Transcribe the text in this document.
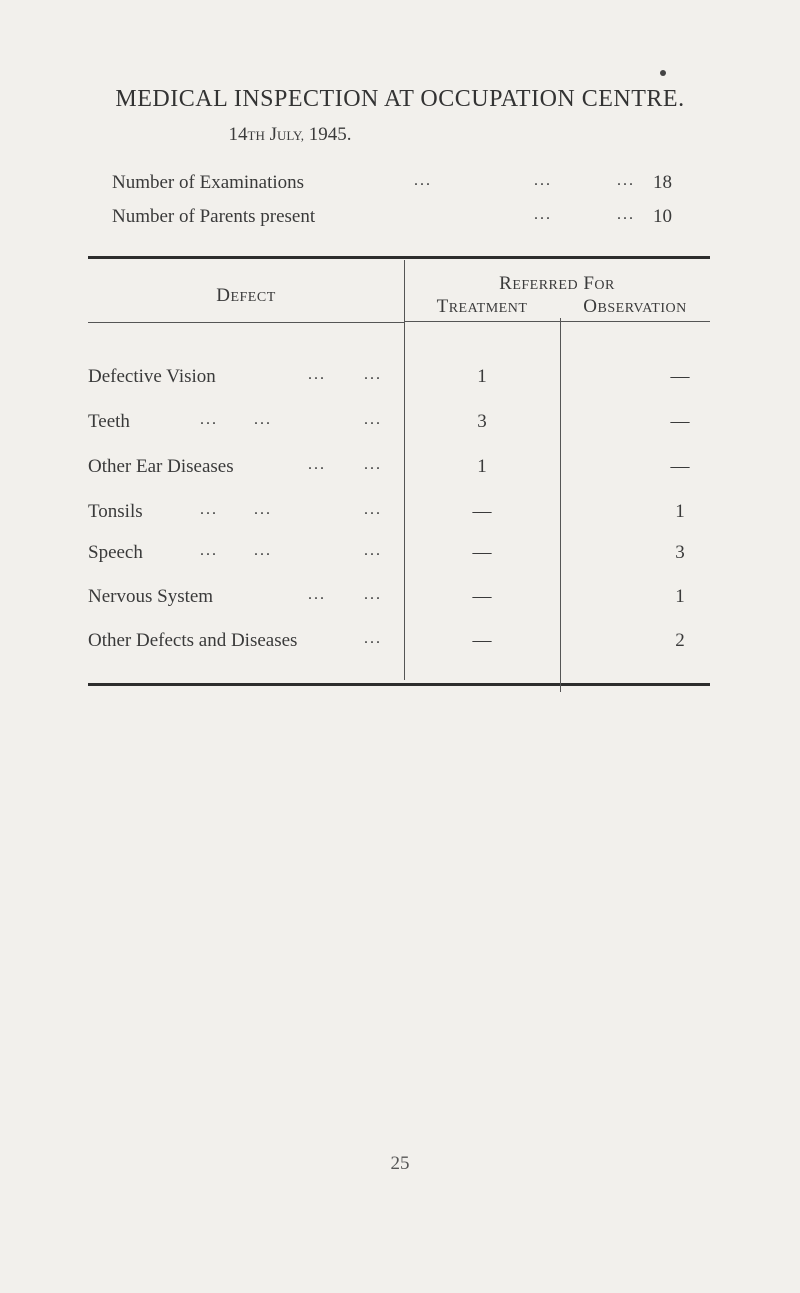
MEDICAL INSPECTION AT OCCUPATION CENTRE.
14TH JULY, 1945.
Number of Examinations	...	...	... 18
Number of Parents present	...	... 10
DEFECT
REFERRED FOR
TREATMENT	OBSERVATION
Defective Vision	... ...	1	—
Teeth	... ...	...	3	—
Other Ear Diseases	... ...	1	—
Tonsils	... ...	...	—	1
Speech	... ...	...	—	3
Nervous System	... ...	—	1
Other Defects and Diseases	...	—	2
25
